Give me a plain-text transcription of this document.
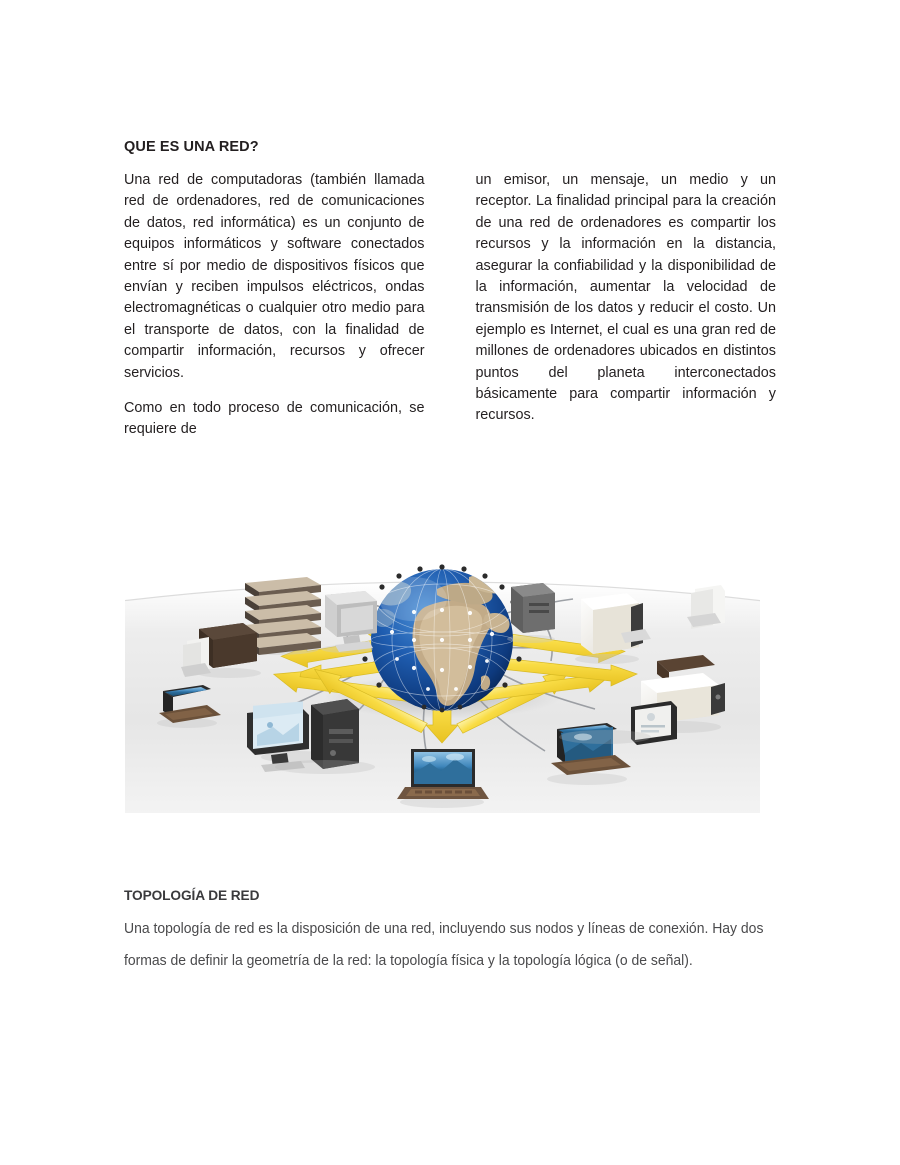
QUE ES UNA RED?

Una red de computadoras (también llamada red de ordenadores, red de comunicaciones de datos, red informática) es un conjunto de equipos informáticos y software conectados entre sí por medio de dispositivos físicos que envían y reciben impulsos eléctricos, ondas electromagnéticas o cualquier otro medio para el transporte de datos, con la finalidad de compartir información, recursos y ofrecer servicios.

Como en todo proceso de comunicación, se requiere de

un emisor, un mensaje, un medio y un receptor. La finalidad principal para la creación de una red de ordenadores es compartir los recursos y la información en la distancia, asegurar la confiabilidad y la disponibilidad de la información, aumentar la velocidad de transmisión de los datos y reducir el costo. Un ejemplo es Internet, el cual es una gran red de millones de ordenadores ubicados en distintos puntos del planeta interconectados básicamente para compartir información y recursos.

TOPOLOGÍA DE RED

Una topología de red es la disposición de una red, incluyendo sus nodos y líneas de conexión. Hay dos formas de definir la geometría de la red: la topología física y la topología lógica (o de señal).
